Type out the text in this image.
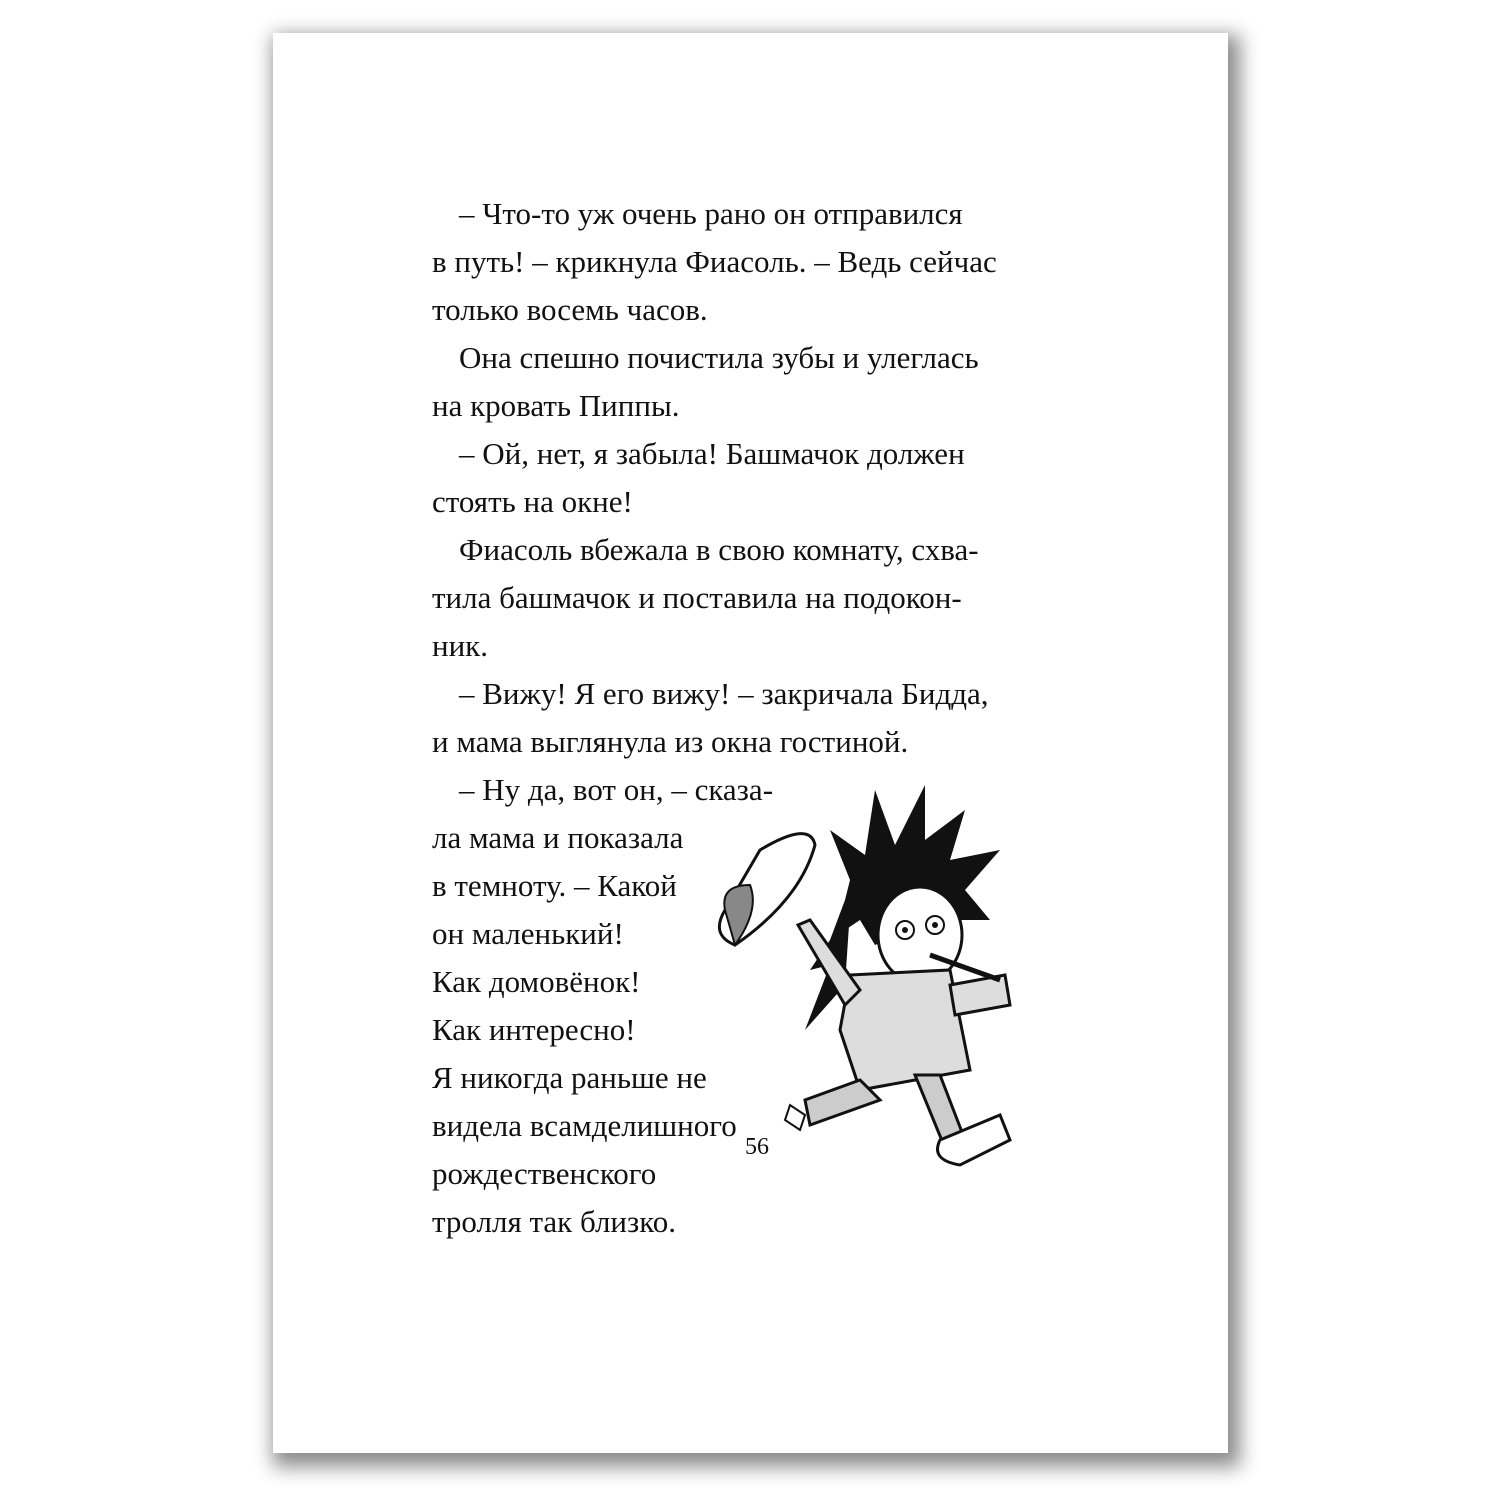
– Что-то уж очень рано он отправился
в путь! – крикнула Фиасоль. – Ведь сейчас
только восемь часов.
Она спешно почистила зубы и улеглась
на кровать Пиппы.
– Ой, нет, я забыла! Башмачок должен
стоять на окне!
Фиасоль вбежала в свою комнату, схва-
тила башмачок и поставила на подокон-
ник.
– Вижу! Я его вижу! – закричала Бидда,
и мама выглянула из окна гостиной.
– Ну да, вот он, – сказа-
ла мама и показала
в темноту. – Какой
он маленький!
Как домовёнок!
Как интересно!
Я никогда раньше не
видела всамделишного
рождественского
тролля так близко.
56
